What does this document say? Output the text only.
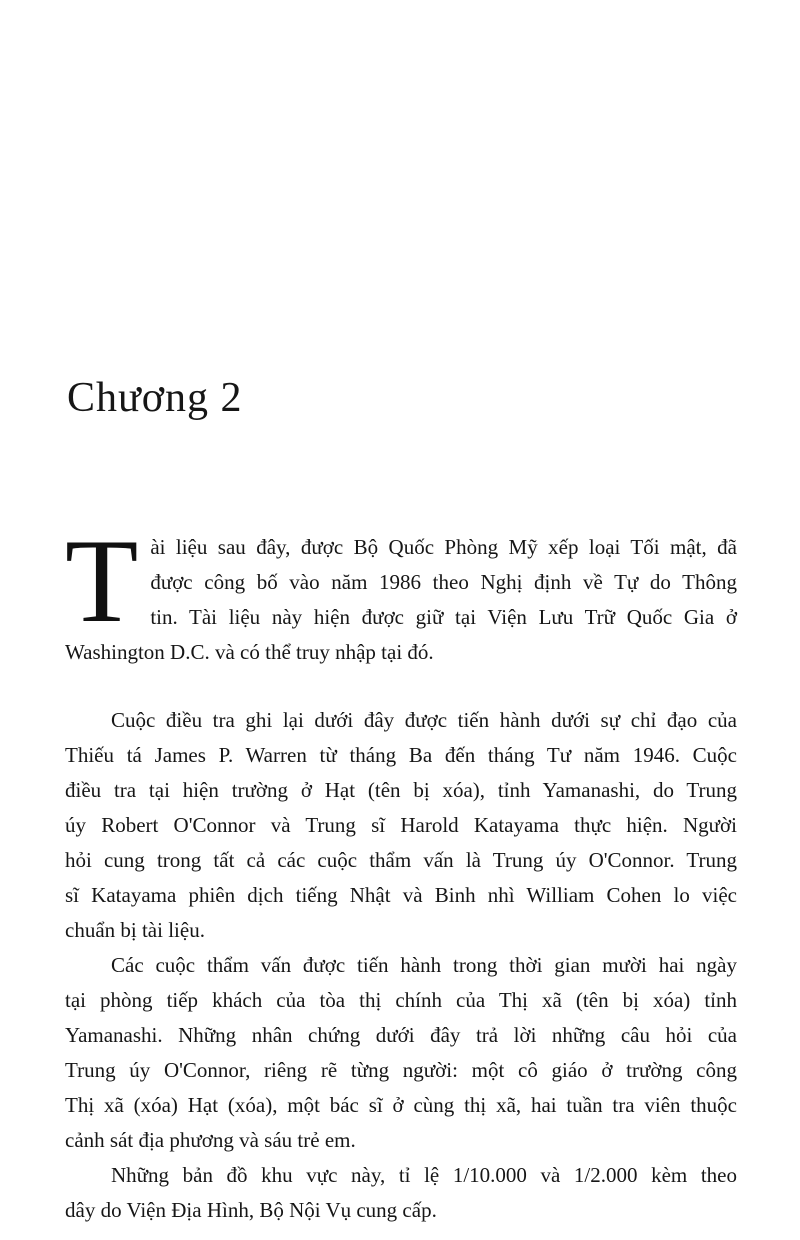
Chương 2
T ài liệu sau đây, được Bộ Quốc Phòng Mỹ xếp loại Tối mật, đã
được công bố vào năm 1986 theo Nghị định về Tự do Thông
tin. Tài liệu này hiện được giữ tại Viện Lưu Trữ Quốc Gia ở
Washington D.C. và có thể truy nhập tại đó.
Cuộc điều tra ghi lại dưới đây được tiến hành dưới sự chỉ đạo của
Thiếu tá James P. Warren từ tháng Ba đến tháng Tư năm 1946. Cuộc
điều tra tại hiện trường ở Hạt (tên bị xóa), tỉnh Yamanashi, do Trung
úy Robert O'Connor và Trung sĩ Harold Katayama thực hiện. Người
hỏi cung trong tất cả các cuộc thẩm vấn là Trung úy O'Connor. Trung
sĩ Katayama phiên dịch tiếng Nhật và Binh nhì William Cohen lo việc
chuẩn bị tài liệu.
Các cuộc thẩm vấn được tiến hành trong thời gian mười hai ngày
tại phòng tiếp khách của tòa thị chính của Thị xã (tên bị xóa) tỉnh
Yamanashi. Những nhân chứng dưới đây trả lời những câu hỏi của
Trung úy O'Connor, riêng rẽ từng người: một cô giáo ở trường công
Thị xã (xóa) Hạt (xóa), một bác sĩ ở cùng thị xã, hai tuần tra viên thuộc
cảnh sát địa phương và sáu trẻ em.
Những bản đồ khu vực này, tỉ lệ 1/10.000 và 1/2.000 kèm theo
dây do Viện Địa Hình, Bộ Nội Vụ cung cấp.
